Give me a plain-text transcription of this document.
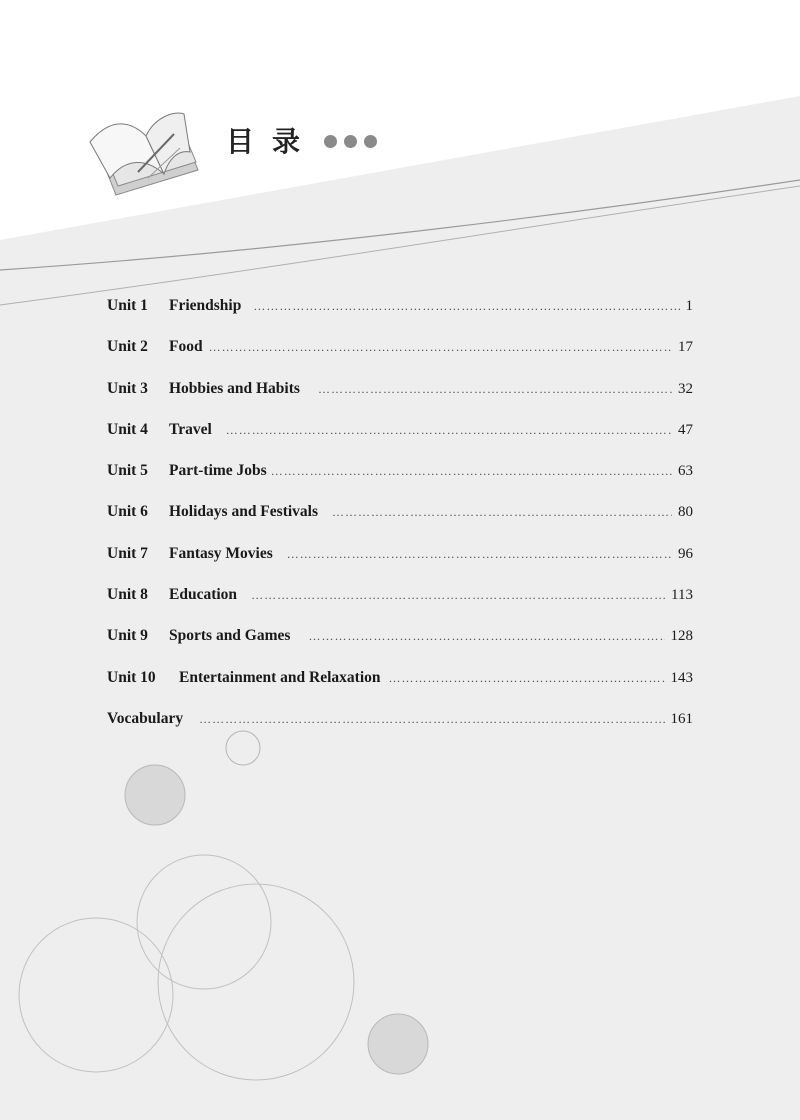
目录
Unit 1 Friendship …………………………………………………………………………………………………………………………………………………………………………	1
Unit 2 Food …………………………………………………………………………………………………………………………………………………………………………	17
Unit 3 Hobbies and Habits …………………………………………………………………………………………………………………………………………………………………………	32
Unit 4 Travel …………………………………………………………………………………………………………………………………………………………………………	47
Unit 5 Part-time Jobs …………………………………………………………………………………………………………………………………………………………………………	63
Unit 6 Holidays and Festivals …………………………………………………………………………………………………………………………………………………………………………	80
Unit 7 Fantasy Movies …………………………………………………………………………………………………………………………………………………………………………	96
Unit 8 Education …………………………………………………………………………………………………………………………………………………………………………	113
Unit 9 Sports and Games …………………………………………………………………………………………………………………………………………………………………………	128
Unit 10	Entertainment and Relaxation …………………………………………………………………………………………………………………………………………………………………………	143
Vocabulary …………………………………………………………………………………………………………………………………………………………………………	161
